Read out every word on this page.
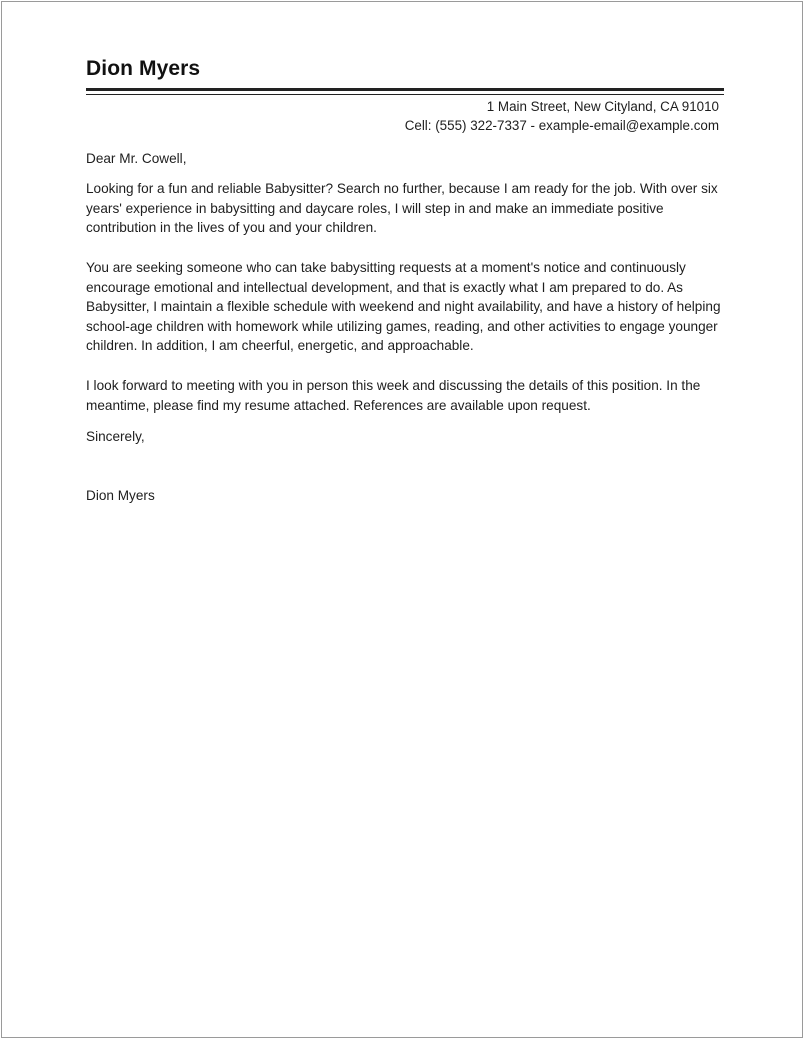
Dion Myers
1 Main Street, New Cityland, CA 91010
Cell: (555) 322-7337 - example-email@example.com
Dear Mr. Cowell,
Looking for a fun and reliable Babysitter? Search no further, because I am ready for the job. With over six years' experience in babysitting and daycare roles, I will step in and make an immediate positive contribution in the lives of you and your children.
You are seeking someone who can take babysitting requests at a moment's notice and continuously encourage emotional and intellectual development, and that is exactly what I am prepared to do. As Babysitter, I maintain a flexible schedule with weekend and night availability, and have a history of helping school-age children with homework while utilizing games, reading, and other activities to engage younger children. In addition, I am cheerful, energetic, and approachable.
I look forward to meeting with you in person this week and discussing the details of this position. In the meantime, please find my resume attached. References are available upon request.
Sincerely,
Dion Myers
